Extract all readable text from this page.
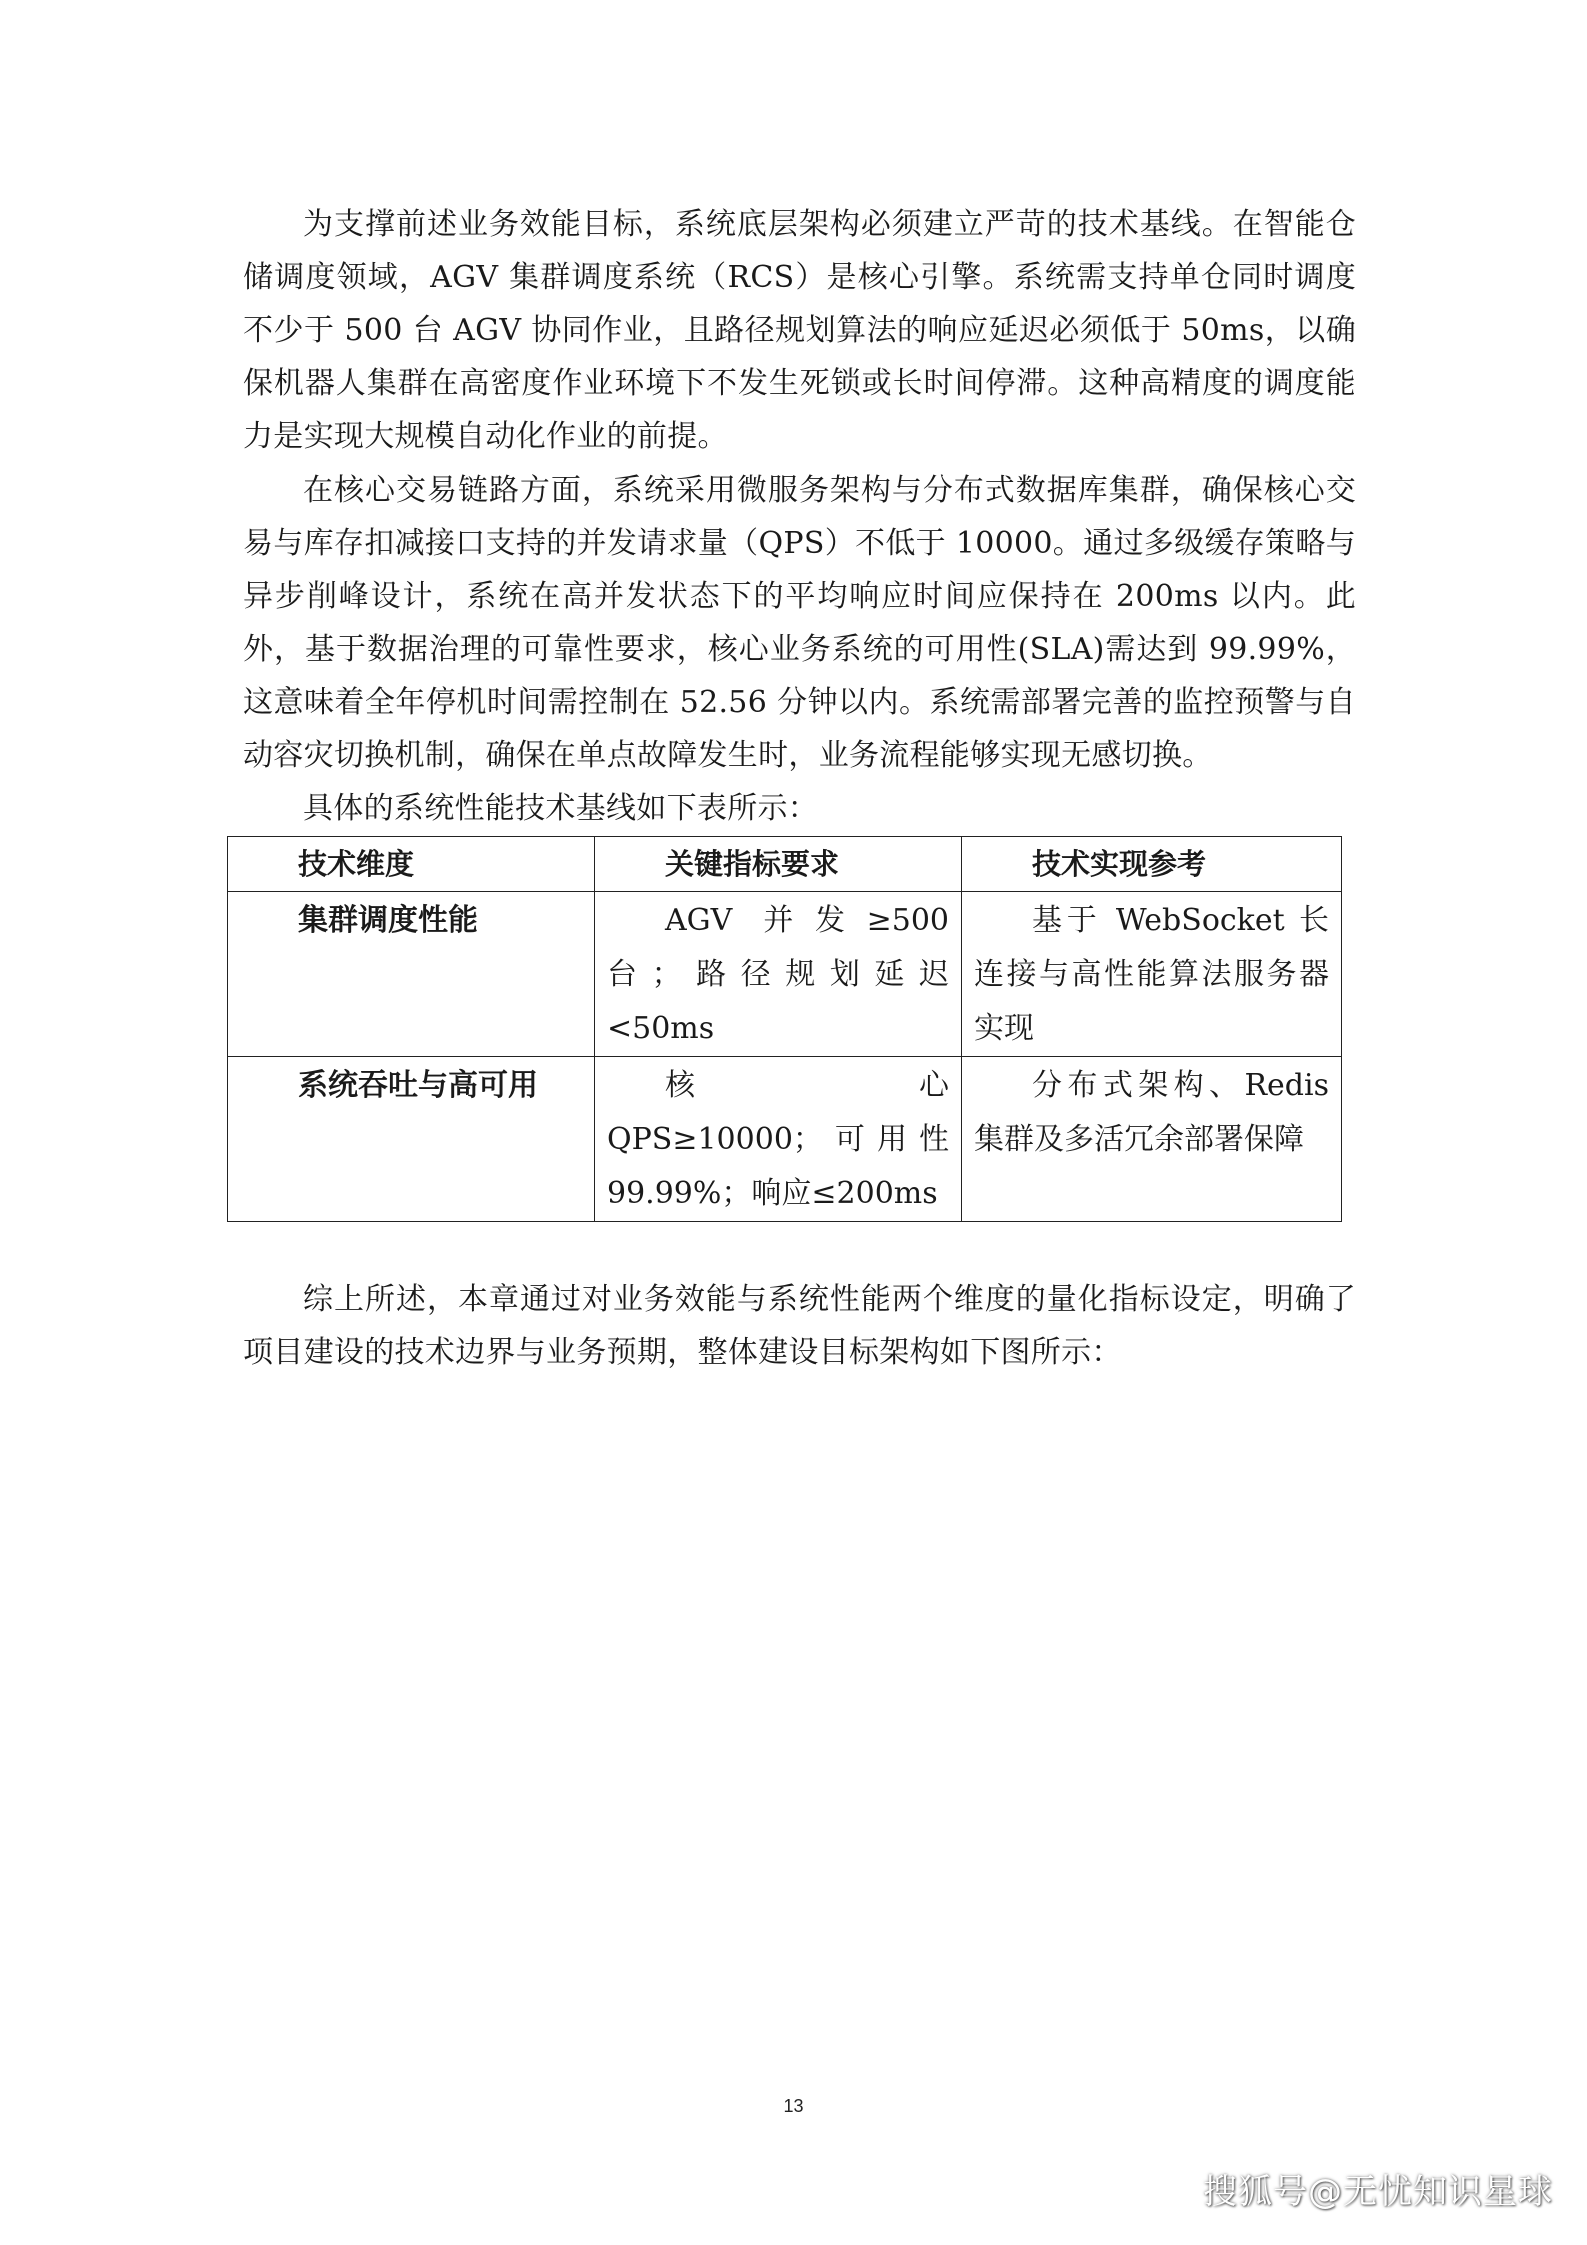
为支撑前述业务效能目标，系统底层架构必须建立严苛的技术基线。在智能仓储调度领域，AGV 集群调度系统（RCS）是核心引擎。系统需支持单仓同时调度不少于 500 台 AGV 协同作业，且路径规划算法的响应延迟必须低于 50ms，以确保机器人集群在高密度作业环境下不发生死锁或长时间停滞。这种高精度的调度能力是实现大规模自动化作业的前提。

在核心交易链路方面，系统采用微服务架构与分布式数据库集群，确保核心交易与库存扣减接口支持的并发请求量（QPS）不低于 10000。通过多级缓存策略与异步削峰设计，系统在高并发状态下的平均响应时间应保持在 200ms 以内。此外，基于数据治理的可靠性要求，核心业务系统的可用性(SLA)需达到 99.99%，这意味着全年停机时间需控制在 52.56 分钟以内。系统需部署完善的监控预警与自动容灾切换机制，确保在单点故障发生时，业务流程能够实现无感切换。

具体的系统性能技术基线如下表所示：

技术维度	关键指标要求	技术实现参考
集群调度性能	AGV 并发≥500 台；路径规划延迟<50ms	基于 WebSocket 长连接与高性能算法服务器实现
系统吞吐与高可用	核心 QPS≥10000；可用性 99.99%；响应≤200ms	分布式架构、Redis 集群及多活冗余部署保障

综上所述，本章通过对业务效能与系统性能两个维度的量化指标设定，明确了项目建设的技术边界与业务预期，整体建设目标架构如下图所示：

13
搜狐号@无忧知识星球
